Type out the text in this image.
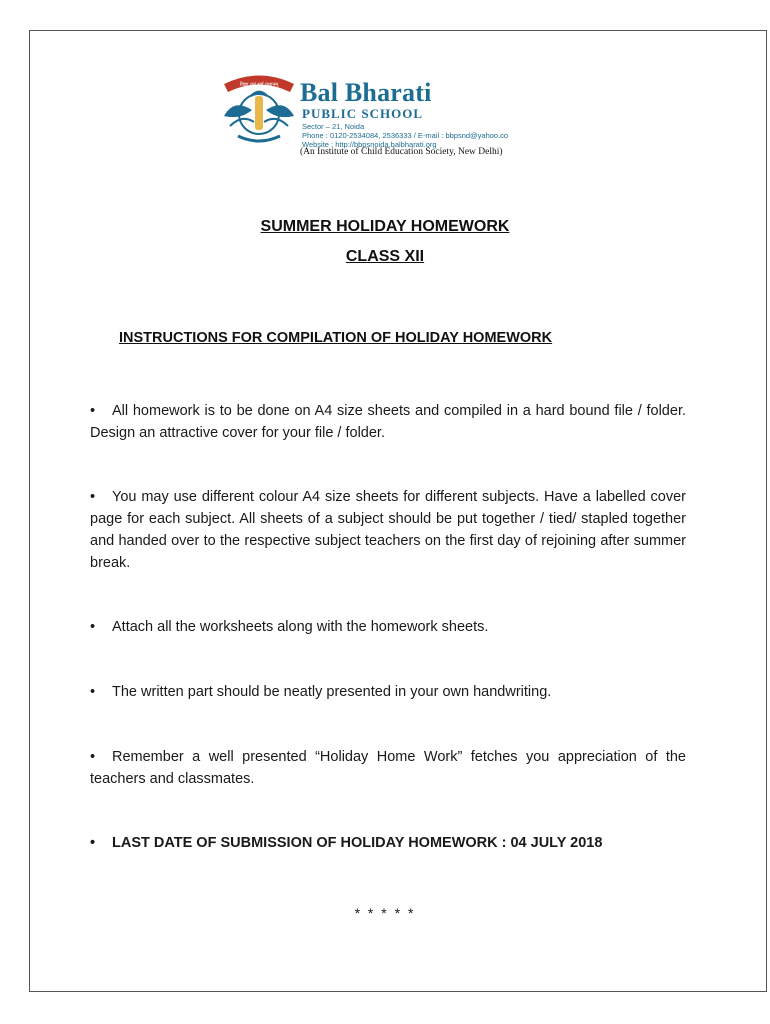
विद्या धनं सर्व प्रधानम् Bal Bharati
PUBLIC SCHOOL
Sector – 21, Noida
Phone : 0120-2534084, 2536333 / E-mail : bbpsnd@yahoo.co
Website : http://bbpsnoida.balbharati.org
(An Institute of Child Education Society, New Delhi)
SUMMER HOLIDAY HOMEWORK
CLASS XII
INSTRUCTIONS FOR COMPILATION OF HOLIDAY HOMEWORK
• All homework is to be done on A4 size sheets and compiled in a hard bound file / folder. Design an attractive cover for your file / folder.
• You may use different colour A4 size sheets for different subjects. Have a labelled cover page for each subject. All sheets of a subject should be put together / tied/ stapled together and handed over to the respective subject teachers on the first day of rejoining after summer break.
• Attach all the worksheets along with the homework sheets.
• The written part should be neatly presented in your own handwriting.
• Remember a well presented “Holiday Home Work” fetches you appreciation of the teachers and classmates.
• LAST DATE OF SUBMISSION OF HOLIDAY HOMEWORK : 04 JULY 2018
* * * * *
